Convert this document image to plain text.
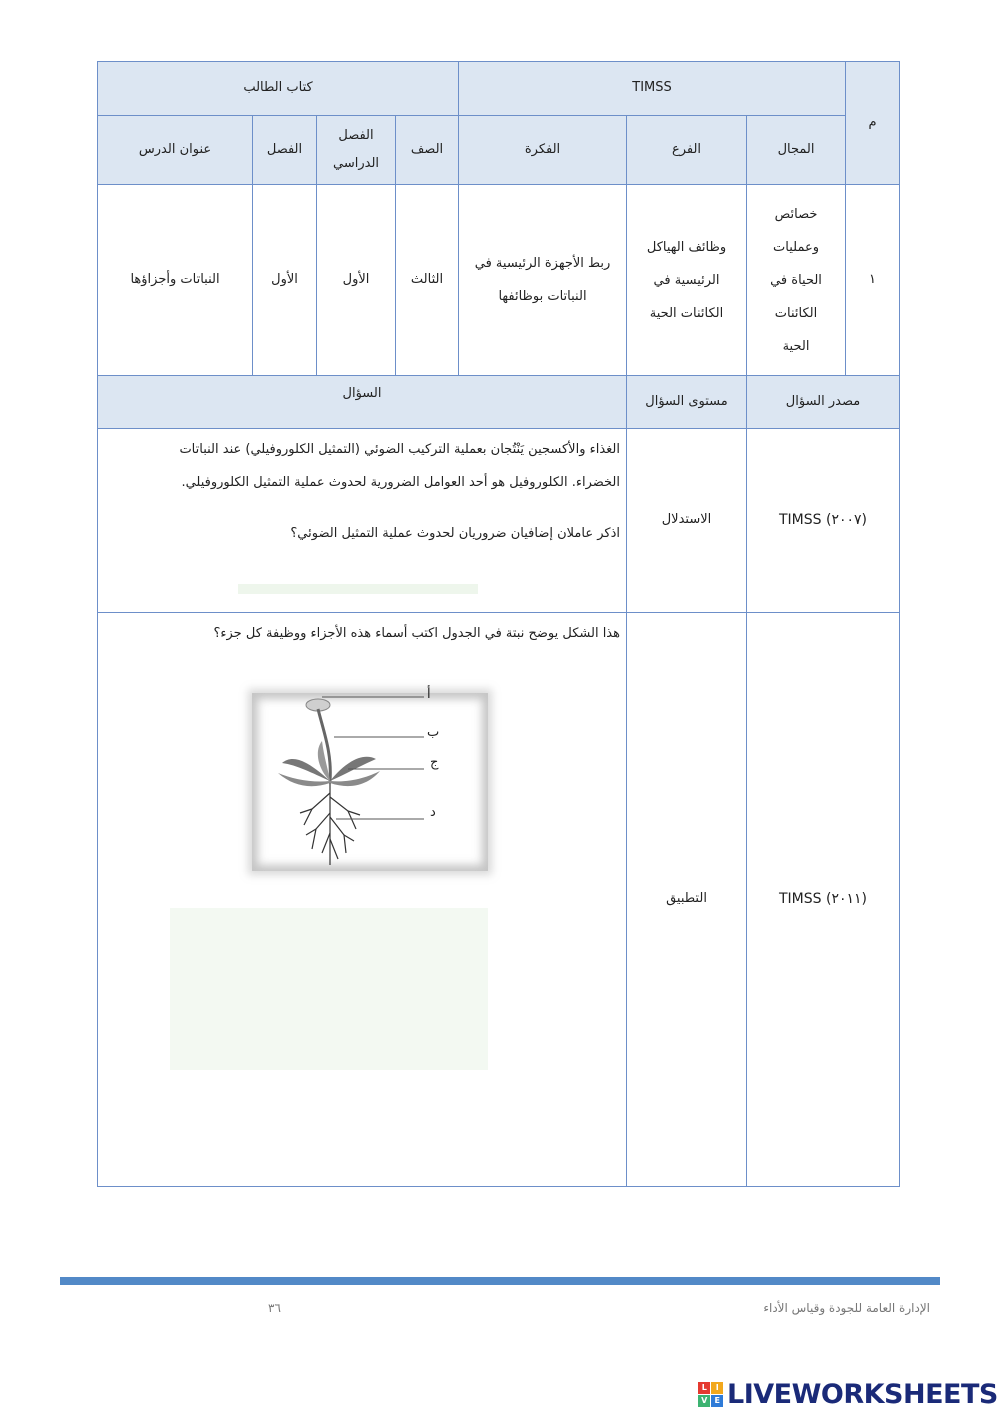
م
TIMSS
كتاب الطالب
المجال
الفرع
الفكرة
الصف
الفصل
الدراسي
الفصل
عنوان الدرس
١
خصائص
وعمليات
الحياة في
الكائنات
الحية
وظائف الهياكل
الرئيسية في
الكائنات الحية
ربط الأجهزة الرئيسية في
النباتات بوظائفها
الثالث
الأول
الأول
النباتات وأجزاؤها
مصدر السؤال
مستوى السؤال
السؤال
TIMSS (٢٠٠٧)
الاستدلال
الغذاء والأكسجين يَنْتُجان بعملية التركيب الضوئي (التمثيل الكلوروفيلي) عند النباتات
الخضراء. الكلوروفيل هو أحد العوامل الضرورية لحدوث عملية التمثيل الكلوروفيلي.
اذكر عاملان إضافيان ضروريان لحدوث عملية التمثيل الضوئي؟
TIMSS (٢٠١١)
التطبيق
هذا الشكل يوضح نبتة في الجدول اكتب أسماء هذه الأجزاء ووظيفة كل جزء؟
أ
ب
ج
د
الإدارة العامة للجودة وقياس الأداء
٣٦
L	I
V E LIVEWORKSHEETS
